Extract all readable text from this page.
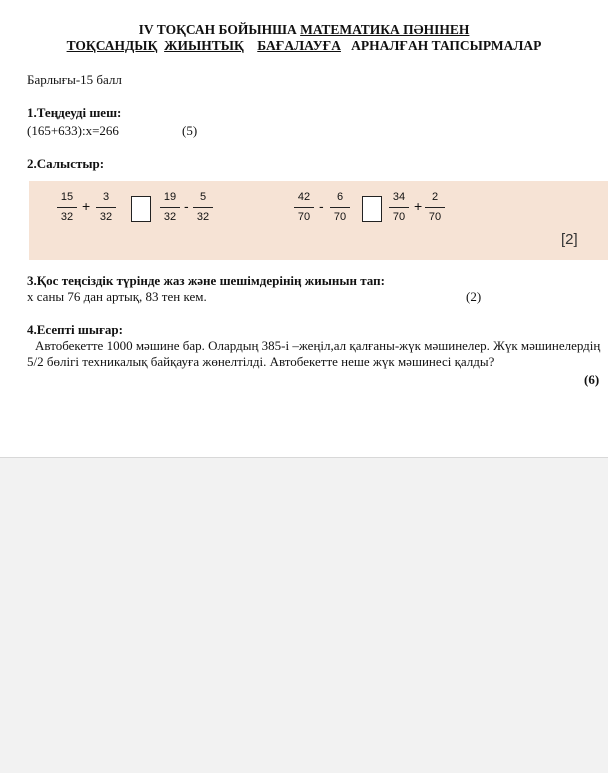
IV ТОҚСАН БОЙЫНША МАТЕМАТИКА ПӘНІНЕН
ТОҚСАНДЫҚ ЖИЫНТЫҚ БАҒАЛАУҒА АРНАЛҒАН ТАПСЫРМАЛАР
Барлығы-15 балл
1.Теңдеуді шеш:
(165+633):x=266	(5)
2.Салыстыр:
15
32
+
3
32
19
32
-
5
32
42
70
-
6
70
34
70
+
2
70
[2]
3.Қос теңсіздік түрінде жаз және шешімдерінің жиынын тап:
x саны 76 дан артық, 83 тен кем.	(2)
4.Есепті шығар:
Автобекетте 1000 мәшине бар. Олардың 385-і –жеңіл,ал қалғаны-жүк мәшинелер. Жүк мәшинелердің 5/2 бөлігі техникалық байқауға жөнелтілді. Автобекетте неше жүк мәшинесі қалды?
(6)
